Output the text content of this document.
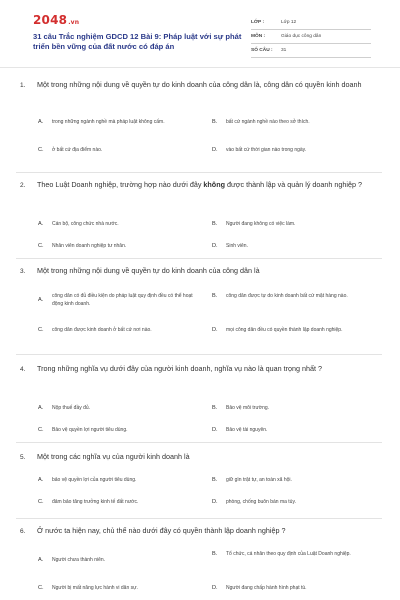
2048.vn
31 câu Trắc nghiệm GDCD 12 Bài 9: Pháp luật với sự phát triển bền vững của đất nước có đáp án
LỚP :	Lớp 12
MÔN :	Giáo dục công dân
SỐ CÂU :	31
1. Một trong những nội dung về quyền tự do kinh doanh của công dân là, công dân có quyền kinh doanh
A.	trong những ngành nghề mà pháp luật không cấm.	B.	bất cứ ngành nghề nào theo sở thích.
C.	ở bất cứ địa điểm nào.	D.	vào bất cứ thời gian nào trong ngày.
2. Theo Luật Doanh nghiệp, trường hợp nào dưới đây không được thành lập và quản lý doanh nghiệp ?
A.	Cán bộ, công chức nhà nước.	B.	Người đang không có việc làm.
C.	Nhân viên doanh nghiệp tư nhân.	D.	Sinh viên.
3. Một trong những nội dung về quyền tự do kinh doanh của công dân là
A.
công dân có đủ điều kiện do pháp luật quy định đều có thể hoạt động kinh doanh.
B.	công dân được tự do kinh doanh bất cứ mặt hàng nào.
C.	công dân được kinh doanh ở bất cứ nơi nào.	D.	mọi công dân đều có quyền thành lập doanh nghiệp.
4. Trong những nghĩa vụ dưới đây của người kinh doanh, nghĩa vụ nào là quan trọng nhất ?
A.	Nộp thuế đầy đủ.	B.	Bảo vệ môi trường.
C.	Bảo vệ quyền lợi người tiêu dùng.	D.	Bảo vệ tài nguyên.
5. Một trong các nghĩa vụ của người kinh doanh là
A.	bảo vệ quyền lợi của người tiêu dùng.	B.	giữ gìn trật tự, an toàn xã hội.
C.	đảm bảo tăng trưởng kinh tế đất nước.	D.	phòng, chống buôn bán ma túy.
6. Ở nước ta hiện nay, chủ thể nào dưới đây có quyền thành lập doanh nghiệp ?
A.	Người chưa thành niên.
B.	Tổ chức, cá nhân theo quy định của Luật Doanh nghiệp.
C.	Người bị mất năng lực hành vi dân sự.	D.	Người đang chấp hành hình phạt tù.
